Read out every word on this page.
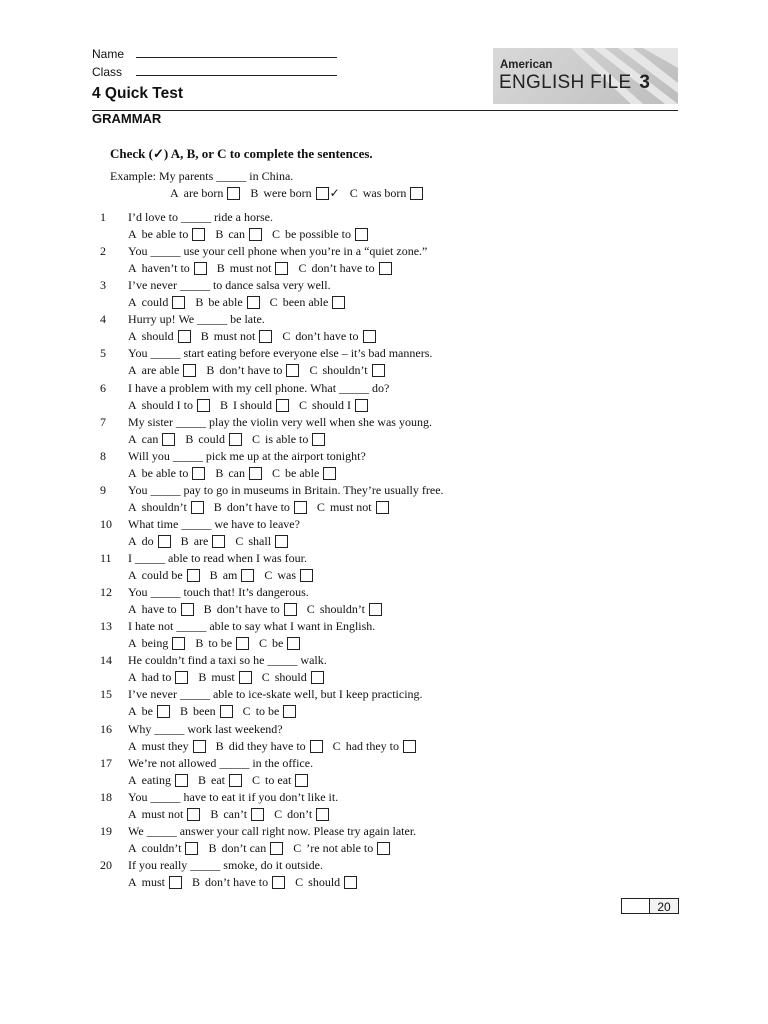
Name
Class	American
ENGLISH FILE 3
4 Quick Test
GRAMMAR
Check (✓) A, B, or C to complete the sentences.
Example: My parents _____ in China.
A are born B were born ✓ C was born
1 I’d love to _____ ride a horse.
A be able to B can C be possible to
2 You _____ use your cell phone when you’re in a “quiet zone.”
A haven’t to B must not C don’t have to
3 I’ve never _____ to dance salsa very well.
A could B be able C been able
4 Hurry up! We _____ be late.
A should B must not C don’t have to
5 You _____ start eating before everyone else – it’s bad manners.
A are able B don’t have to C shouldn’t
6 I have a problem with my cell phone. What _____ do?
A should I to B I should C should I
7 My sister _____ play the violin very well when she was young.
A can B could C is able to
8 Will you _____ pick me up at the airport tonight?
A be able to B can C be able
9 You _____ pay to go in museums in Britain. They’re usually free.
A shouldn’t B don’t have to C must not
10 What time _____ we have to leave?
A do B are C shall
11 I _____ able to read when I was four.
A could be B am C was
12 You _____ touch that! It’s dangerous.
A have to B don’t have to C shouldn’t
13 I hate not _____ able to say what I want in English.
A being B to be C be
14 He couldn’t find a taxi so he _____ walk.
A had to B must C should
15 I’ve never _____ able to ice-skate well, but I keep practicing.
A be B been C to be
16 Why _____ work last weekend?
A must they B did they have to C had they to
17 We’re not allowed _____ in the office.
A eating B eat C to eat
18 You _____ have to eat it if you don’t like it.
A must not B can’t C don’t
19 We _____ answer your call right now. Please try again later.
A couldn’t B don’t can C ’re not able to
20 If you really _____ smoke, do it outside.
A must B don’t have to C should
20
